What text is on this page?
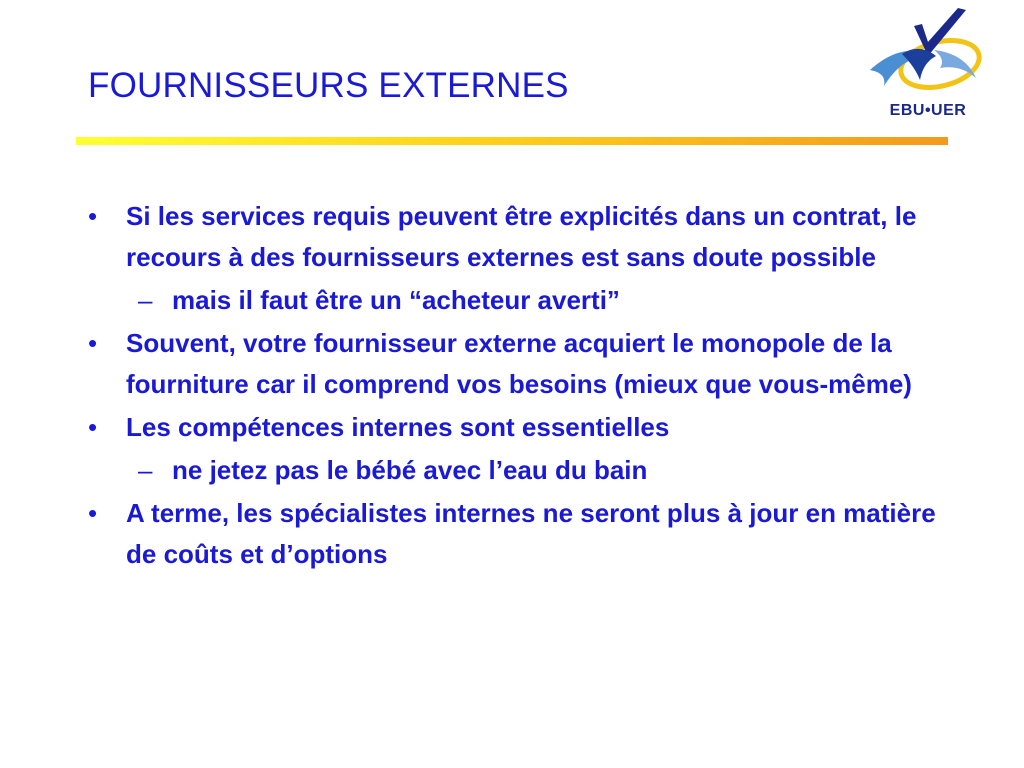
FOURNISSEURS EXTERNES
EBU•UER
• Si les services requis peuvent être explicités dans un contrat, le recours à des fournisseurs externes est sans doute possible
– mais il faut être un “acheteur averti”
• Souvent, votre fournisseur externe acquiert le monopole de la fourniture car il comprend vos besoins (mieux que vous-même)
• Les compétences internes sont essentielles
– ne jetez pas le bébé avec l’eau du bain
• A terme, les spécialistes internes ne seront plus à jour en matière de coûts et d’options
